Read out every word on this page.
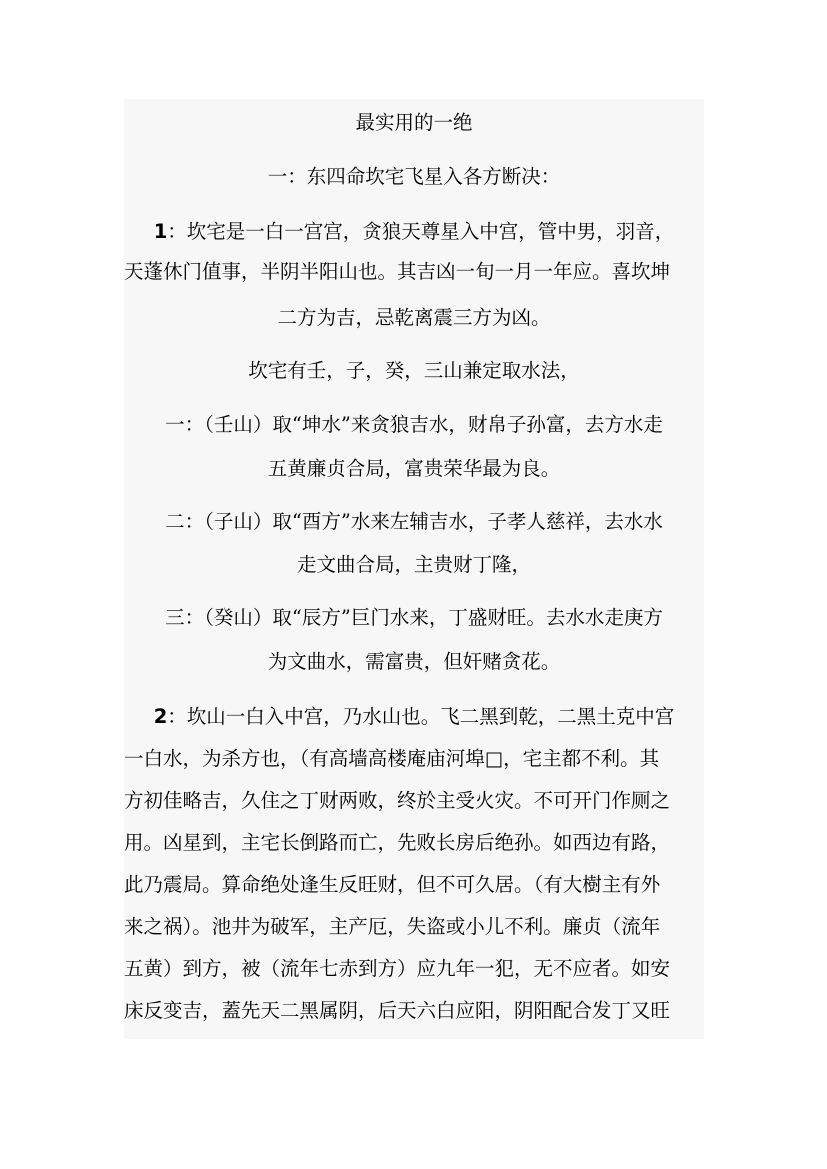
最实用的一绝
一：东四命坎宅飞星入各方断决：
1：坎宅是一白一宫宫，贪狼天尊星入中宫，管中男，羽音，
天蓬休门值事，半阴半阳山也。其吉凶一旬一月一年应。喜坎坤
二方为吉，忌乾离震三方为凶。
坎宅有壬，子，癸，三山兼定取水法，
一：（壬山）取“坤水”来贪狼吉水，财帛子孙富，去方水走
五黄廉贞合局，富贵荣华最为良。
二：（子山）取“酉方”水来左辅吉水，子孝人慈祥，去水水
走文曲合局，主贵财丁隆，
三：（癸山）取“辰方”巨门水来，丁盛财旺。去水水走庚方
为文曲水，需富贵，但奸赌贪花。
2：坎山一白入中宫，乃水山也。飞二黑到乾，二黑土克中宫
一白水，为杀方也，（有高墙高楼庵庙河埠□，宅主都不利。其
方初佳略吉，久住之丁财两败，终於主受火灾。不可开门作厕之
用。凶星到，主宅长倒路而亡，先败长房后绝孙。如西边有路，
此乃震局。算命绝处逢生反旺财，但不可久居。（有大樹主有外
来之祸）。池井为破军，主产厄，失盗或小儿不利。廉贞（流年
五黄）到方，被（流年七赤到方）应九年一犯，无不应者。如安
床反变吉，蓋先天二黑属阴，后天六白应阳，阴阳配合发丁又旺
